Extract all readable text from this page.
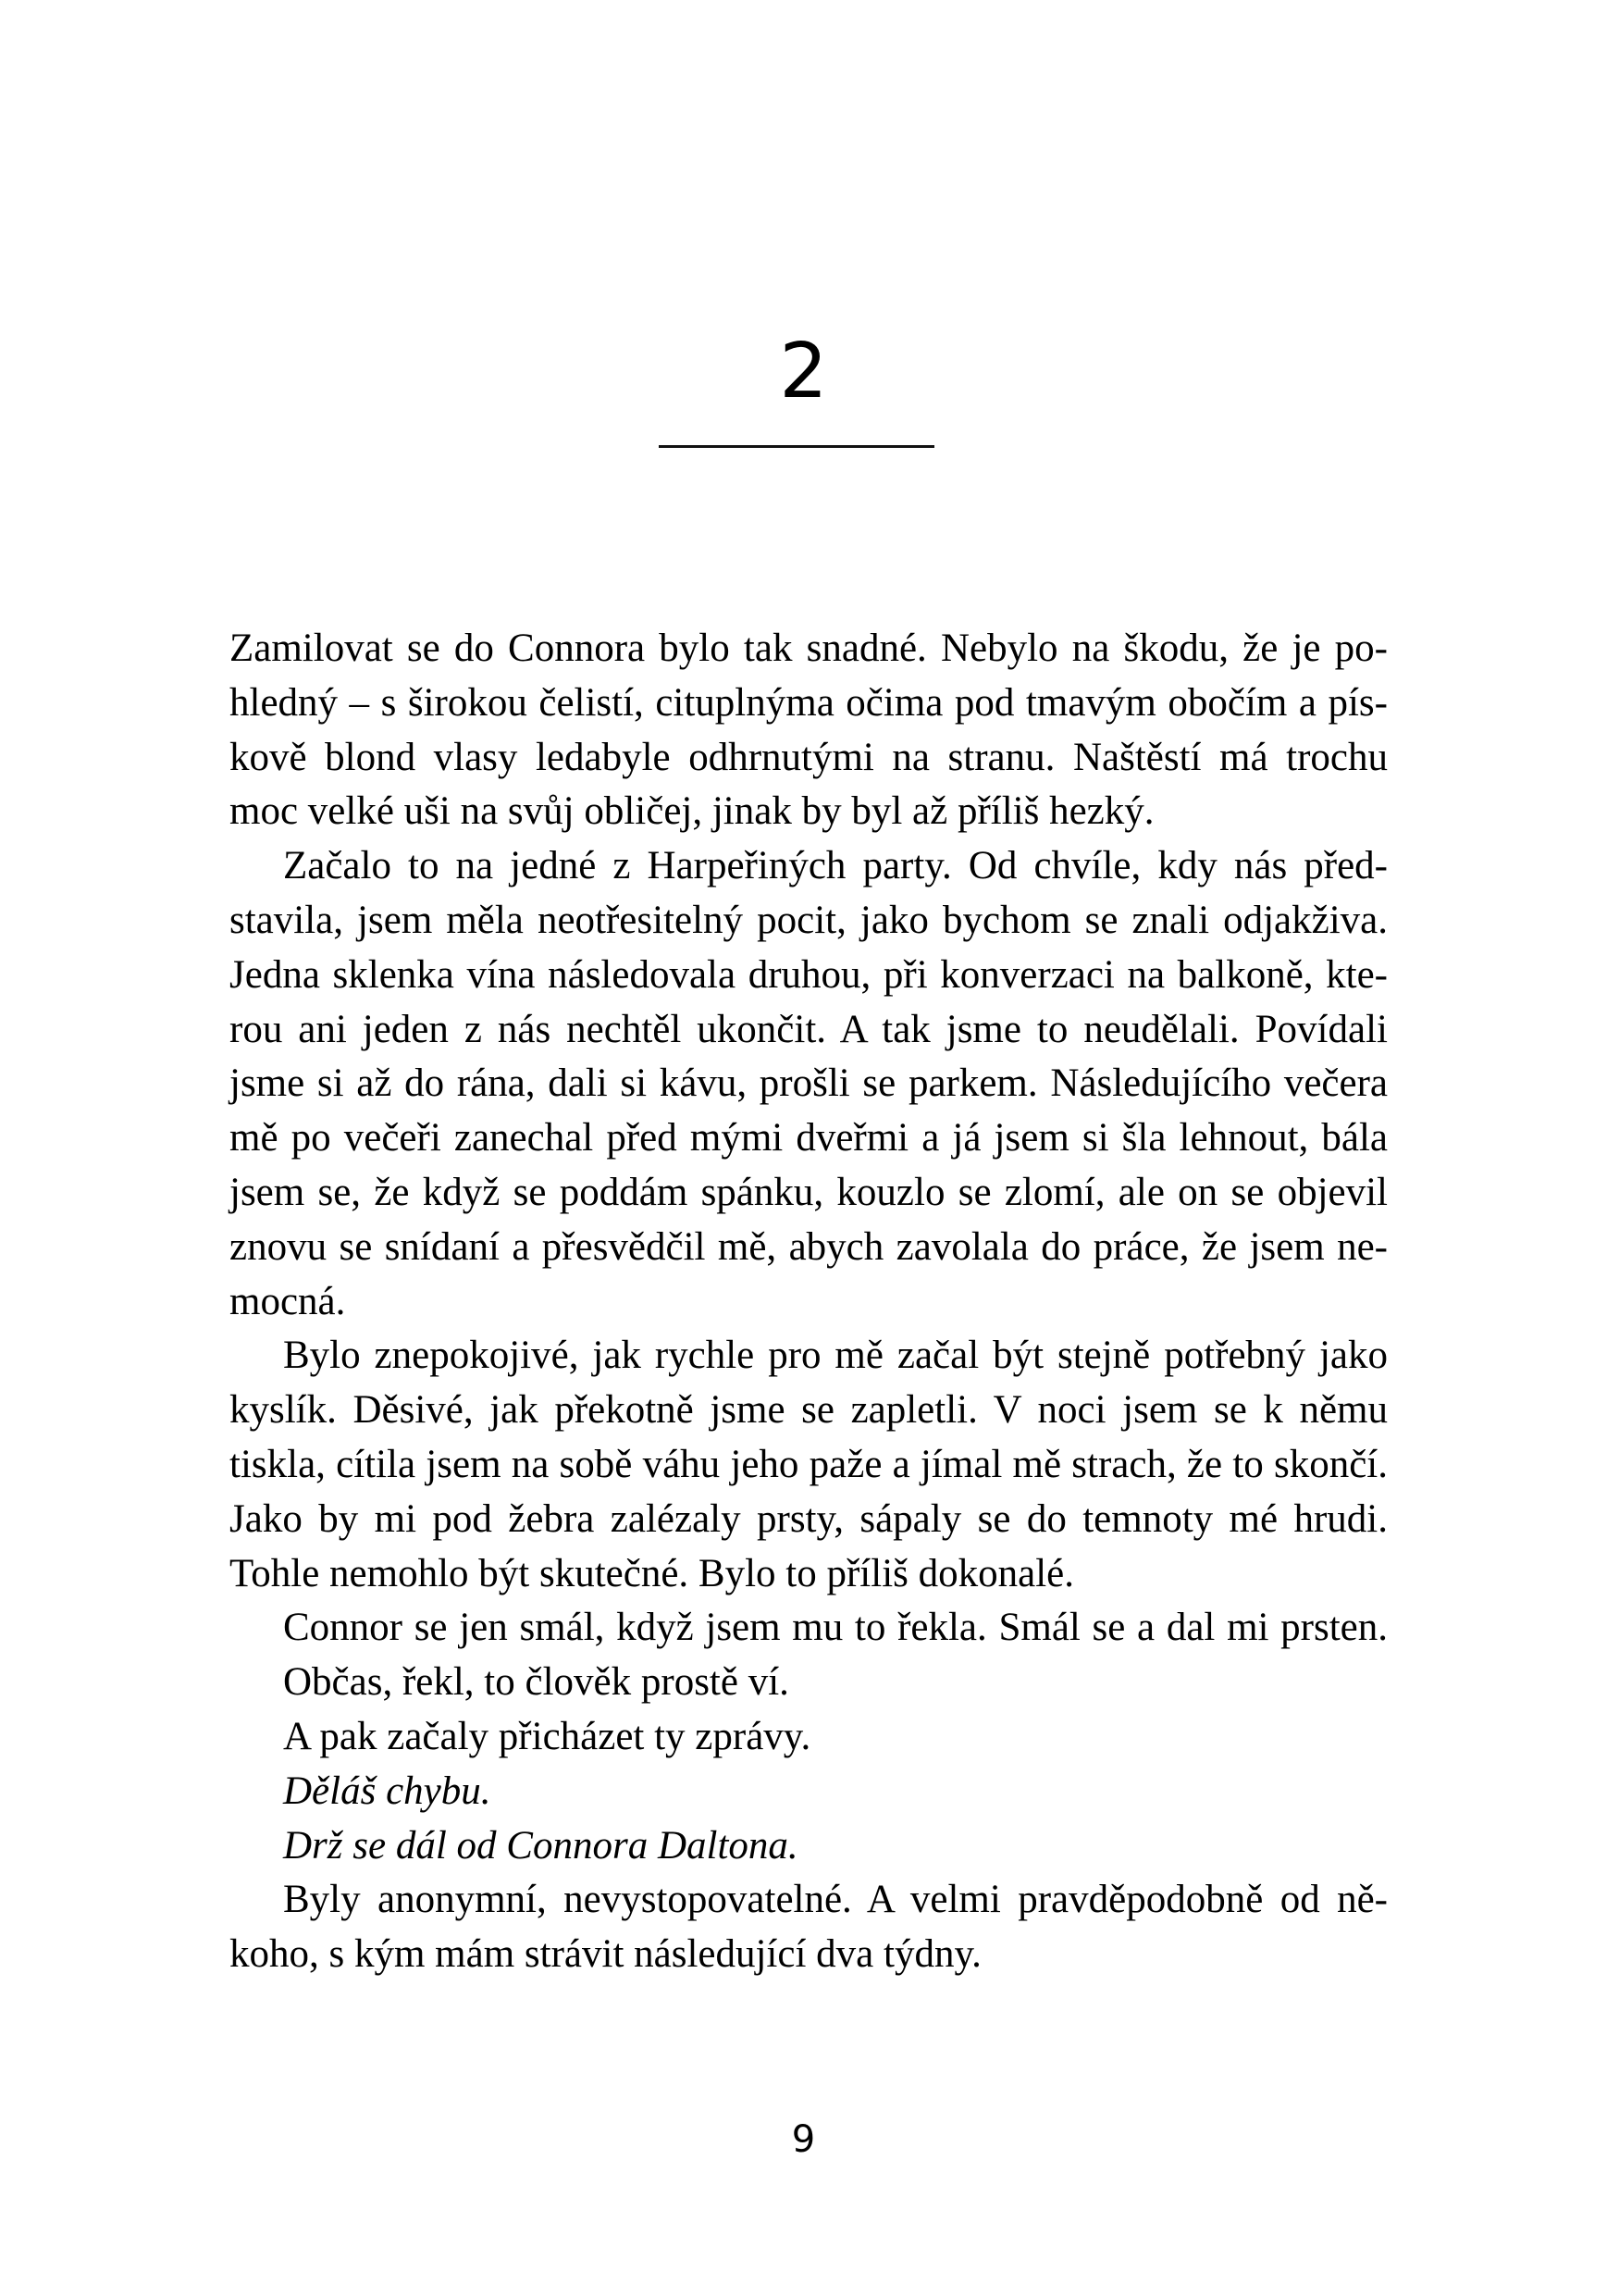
2
Zamilovat se do Connora bylo tak snadné. Nebylo na škodu, že je po-
hledný – s širokou čelistí, cituplnýma očima pod tmavým obočím a pís-
kově blond vlasy ledabyle odhrnutými na stranu. Naštěstí má trochu
moc velké uši na svůj obličej, jinak by byl až příliš hezký.
Začalo to na jedné z Harpeřiných party. Od chvíle, kdy nás před-
stavila, jsem měla neotřesitelný pocit, jako bychom se znali odjakživa.
Jedna sklenka vína následovala druhou, při konverzaci na balkoně, kte-
rou ani jeden z nás nechtěl ukončit. A tak jsme to neudělali. Povídali
jsme si až do rána, dali si kávu, prošli se parkem. Následujícího večera
mě po večeři zanechal před mými dveřmi a já jsem si šla lehnout, bála
jsem se, že když se poddám spánku, kouzlo se zlomí, ale on se objevil
znovu se snídaní a přesvědčil mě, abych zavolala do práce, že jsem ne-
mocná.
Bylo znepokojivé, jak rychle pro mě začal být stejně potřebný jako
kyslík. Děsivé, jak překotně jsme se zapletli. V noci jsem se k němu
tiskla, cítila jsem na sobě váhu jeho paže a jímal mě strach, že to skončí.
Jako by mi pod žebra zalézaly prsty, sápaly se do temnoty mé hrudi.
Tohle nemohlo být skutečné. Bylo to příliš dokonalé.
Connor se jen smál, když jsem mu to řekla. Smál se a dal mi prsten.
Občas, řekl, to člověk prostě ví.
A pak začaly přicházet ty zprávy.
Děláš chybu.
Drž se dál od Connora Daltona.
Byly anonymní, nevystopovatelné. A velmi pravděpodobně od ně-
koho, s kým mám strávit následující dva týdny.
9
